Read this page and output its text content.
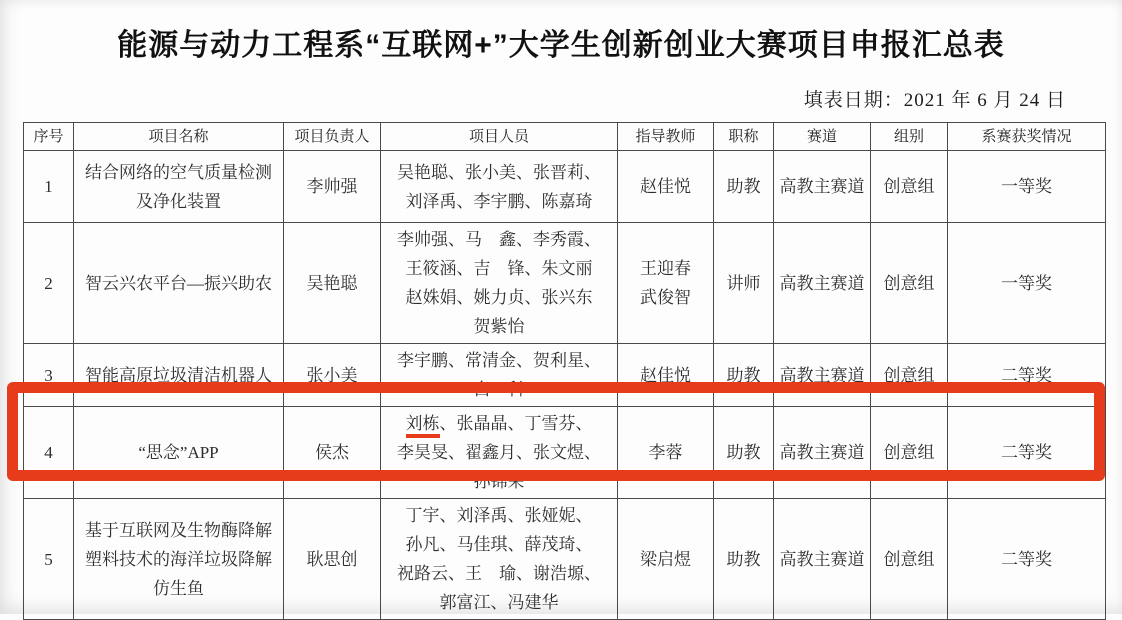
能源与动力工程系“互联网+”大学生创新创业大赛项目申报汇总表
填表日期：2021 年 6 月 24 日
序号	项目名称	项目负责人	项目人员	指导教师	职称	赛道	组别	系赛获奖情况
1	结合网络的空气质量检测
及净化装置	李帅强	吴艳聪、张小美、张晋莉、
刘泽禹、李宇鹏、陈嘉琦	赵佳悦	助教	高教主赛道	创意组	一等奖
2	智云兴农平台—振兴助农	吴艳聪	李帅强、马　鑫、李秀霞、
王筱涵、吉　锋、朱文丽
赵姝娟、姚力贞、张兴东
贺紫怡	王迎春
武俊智	讲师	高教主赛道	创意组	一等奖
3	智能高原垃圾清洁机器人	张小美	李宇鹏、常清金、贺利星、
白　科	赵佳悦	助教	高教主赛道	创意组	二等奖
4	“思念”APP	侯杰	刘栋、张晶晶、丁雪芬、
李昊旻、翟鑫月、张文煜、
孙锦荣	李蓉	助教	高教主赛道	创意组	二等奖
5	基于互联网及生物酶降解
塑料技术的海洋垃圾降解
仿生鱼	耿思创	丁宇、刘泽禹、张娅妮、
孙凡、马佳琪、薛茂琦、
祝路云、王　瑜、谢浩塬、
郭富江、冯建华	梁启煜	助教	高教主赛道	创意组	二等奖
